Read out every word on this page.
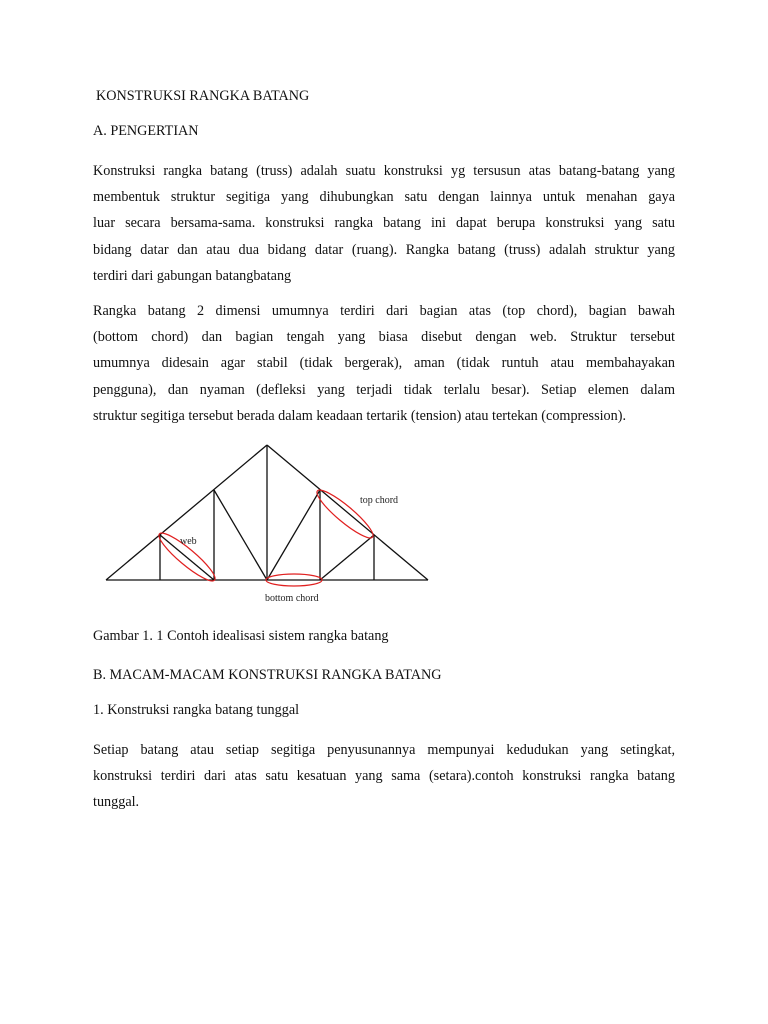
KONSTRUKSI RANGKA BATANG
A. PENGERTIAN
Konstruksi rangka batang (truss) adalah suatu konstruksi yg tersusun atas batang-batang yang
membentuk struktur segitiga yang dihubungkan satu dengan lainnya untuk menahan gaya
luar secara bersama-sama. konstruksi rangka batang ini dapat berupa konstruksi yang satu
bidang datar dan atau dua bidang datar (ruang). Rangka batang (truss) adalah struktur yang
terdiri dari gabungan batangbatang
Rangka batang 2 dimensi umumnya terdiri dari bagian atas (top chord), bagian bawah
(bottom chord) dan bagian tengah yang biasa disebut dengan web. Struktur tersebut
umumnya didesain agar stabil (tidak bergerak), aman (tidak runtuh atau membahayakan
pengguna), dan nyaman (defleksi yang terjadi tidak terlalu besar). Setiap elemen dalam
struktur segitiga tersebut berada dalam keadaan tertarik (tension) atau tertekan (compression).
top chord
web
bottom chord
Gambar 1. 1 Contoh idealisasi sistem rangka batang
B. MACAM-MACAM KONSTRUKSI RANGKA BATANG
1. Konstruksi rangka batang tunggal
Setiap batang atau setiap segitiga penyusunannya mempunyai kedudukan yang setingkat,
konstruksi terdiri dari atas satu kesatuan yang sama (setara).contoh konstruksi rangka batang
tunggal.
